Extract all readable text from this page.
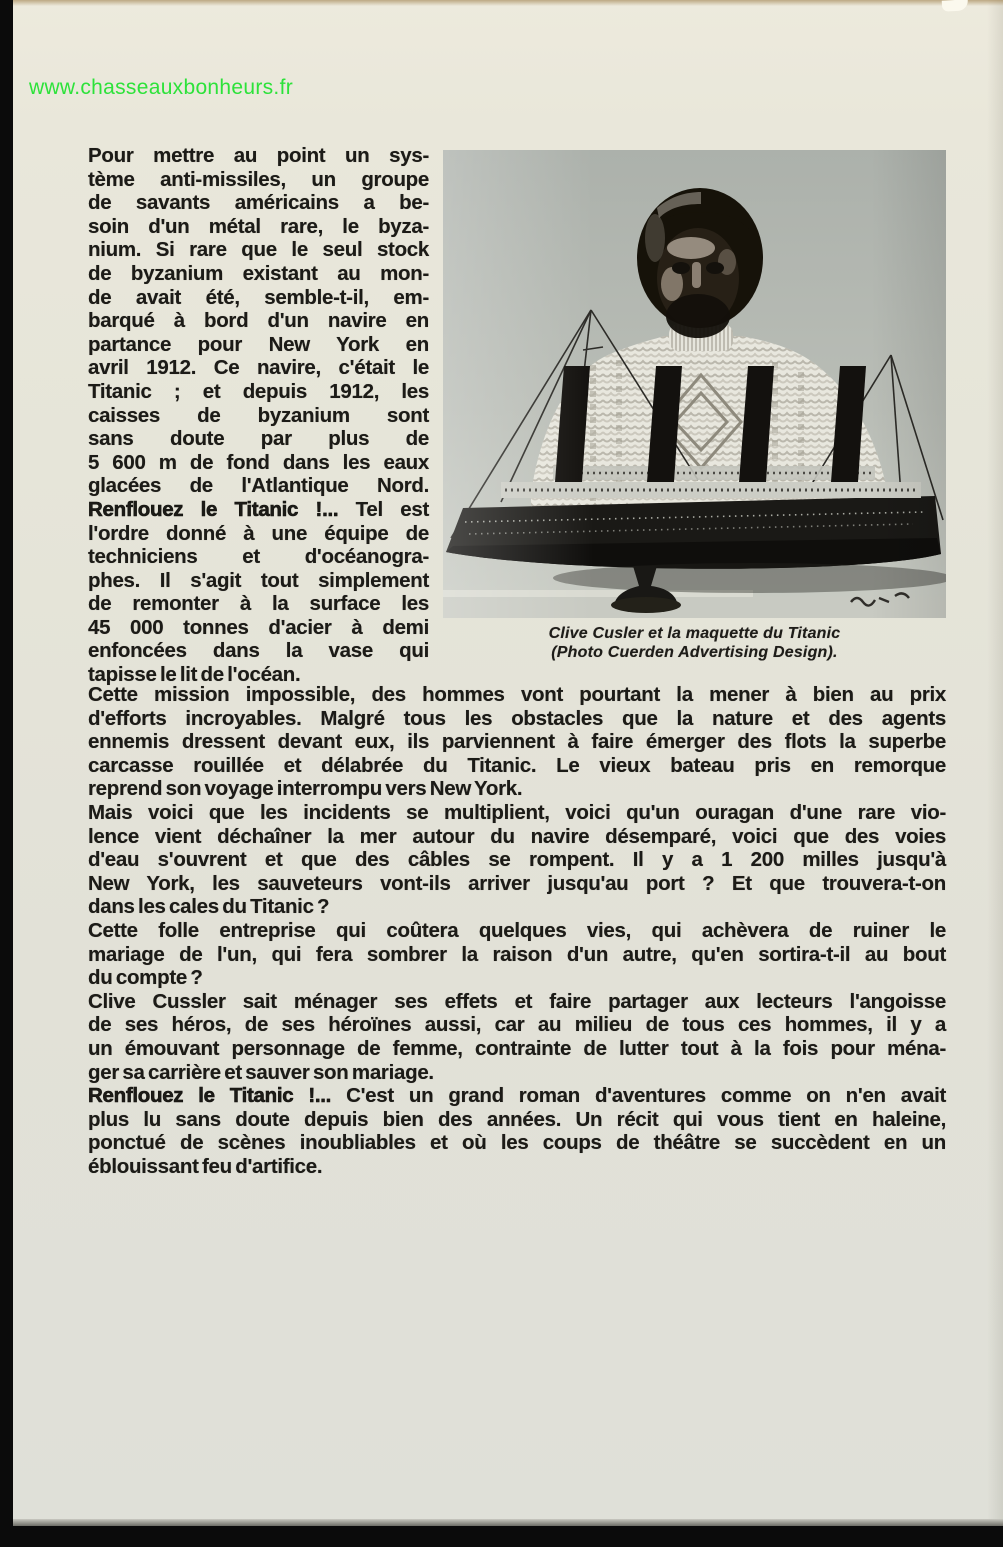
www.chasseauxbonheurs.fr
Pour mettre au point un sys-
tème anti-missiles, un groupe
de savants américains a be-
soin d'un métal rare, le byza-
nium. Si rare que le seul stock
de byzanium existant au mon-
de avait été, semble-t-il, em-
barqué à bord d'un navire en
partance pour New York en
avril 1912. Ce navire, c'était le
Titanic ; et depuis 1912, les
caisses de byzanium sont
sans doute par plus de
5 600 m de fond dans les eaux
glacées de l'Atlantique Nord.
Renflouez le Titanic !... Tel est
l'ordre donné à une équipe de
techniciens et d'océanogra-
phes. Il s'agit tout simplement
de remonter à la surface les
45 000 tonnes d'acier à demi
enfoncées dans la vase qui
tapisse le lit de l'océan.
Clive Cusler et la maquette du Titanic
(Photo Cuerden Advertising Design).
Cette mission impossible, des hommes vont pourtant la mener à bien au prix
d'efforts incroyables. Malgré tous les obstacles que la nature et des agents
ennemis dressent devant eux, ils parviennent à faire émerger des flots la superbe
carcasse rouillée et délabrée du Titanic. Le vieux bateau pris en remorque
reprend son voyage interrompu vers New York.
Mais voici que les incidents se multiplient, voici qu'un ouragan d'une rare vio-
lence vient déchaîner la mer autour du navire désemparé, voici que des voies
d'eau s'ouvrent et que des câbles se rompent. Il y a 1 200 milles jusqu'à
New York, les sauveteurs vont-ils arriver jusqu'au port ? Et que trouvera-t-on
dans les cales du Titanic ?
Cette folle entreprise qui coûtera quelques vies, qui achèvera de ruiner le
mariage de l'un, qui fera sombrer la raison d'un autre, qu'en sortira-t-il au bout
du compte ?
Clive Cussler sait ménager ses effets et faire partager aux lecteurs l'angoisse
de ses héros, de ses héroïnes aussi, car au milieu de tous ces hommes, il y a
un émouvant personnage de femme, contrainte de lutter tout à la fois pour ména-
ger sa carrière et sauver son mariage.
Renflouez le Titanic !... C'est un grand roman d'aventures comme on n'en avait
plus lu sans doute depuis bien des années. Un récit qui vous tient en haleine,
ponctué de scènes inoubliables et où les coups de théâtre se succèdent en un
éblouissant feu d'artifice.
